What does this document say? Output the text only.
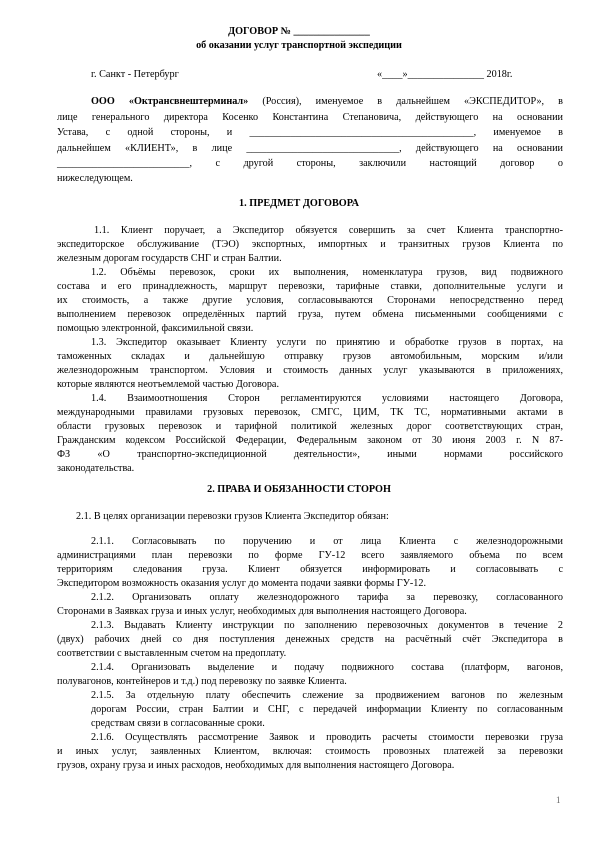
ДОГОВОР № _______________
об оказании услуг транспортной экспедиции
г. Санкт - Петербург	«____»_______________ 2018г.
ООО «Октрансвнештерминал» (Россия), именуемое в дальнейшем «ЭКСПЕДИТОР», в
лице генерального директора Косенко Константина Степановича, действующего на основании
Устава, с одной стороны, и ____________________________________________, именуемое в
дальнейшем «КЛИЕНТ», в лице ______________________________, действующего на основании
__________________________, с другой стороны, заключили настоящий договор о
нижеследующем.
1. ПРЕДМЕТ ДОГОВОРА
1.1. Клиент поручает, а Экспедитор обязуется совершить за счет Клиента транспортно-
экспедиторское обслуживание (ТЭО) экспортных, импортных и транзитных грузов Клиента по
железным дорогам государств СНГ и стран Балтии.
1.2. Объёмы перевозок, сроки их выполнения, номенклатура грузов, вид подвижного
состава и его принадлежность, маршрут перевозки, тарифные ставки, дополнительные услуги и
их стоимость, а также другие условия, согласовываются Сторонами непосредственно перед
выполнением перевозок определённых партий груза, путем обмена письменными сообщениями с
помощью электронной, факсимильной связи.
1.3. Экспедитор оказывает Клиенту услуги по принятию и обработке грузов в портах, на
таможенных складах и дальнейшую отправку грузов автомобильным, морским и/или
железнодорожным транспортом. Условия и стоимость данных услуг указываются в приложениях,
которые являются неотъемлемой частью Договора.
1.4. Взаимоотношения Сторон регламентируются условиями настоящего Договора,
международными правилами грузовых перевозок, СМГС, ЦИМ, ТК ТС, нормативными актами в
области грузовых перевозок и тарифной политикой железных дорог соответствующих стран,
Гражданским кодексом Российской Федерации, Федеральным законом от 30 июня 2003 г. N 87-
ФЗ «О транспортно-экспедиционной деятельности», иными нормами российского
законодательства.
2. ПРАВА И ОБЯЗАННОСТИ СТОРОН
2.1. В целях организации перевозки грузов Клиента Экспедитор обязан:
2.1.1. Согласовывать по поручению и от лица Клиента с железнодорожными
администрациями план перевозки по форме ГУ-12 всего заявляемого объема по всем
территориям следования груза. Клиент обязуется информировать и согласовывать с
Экспедитором возможность оказания услуг до момента подачи заявки формы ГУ-12.
2.1.2. Организовать оплату железнодорожного тарифа за перевозку, согласованного
Сторонами в Заявках груза и иных услуг, необходимых для выполнения настоящего Договора.
2.1.3. Выдавать Клиенту инструкции по заполнению перевозочных документов в течение 2
(двух) рабочих дней со дня поступления денежных средств на расчётный счёт Экспедитора в
соответствии с выставленным счетом на предоплату.
2.1.4. Организовать выделение и подачу подвижного состава (платформ, вагонов,
полувагонов, контейнеров и т.д.) под перевозку по заявке Клиента.
2.1.5. За отдельную плату обеспечить слежение за продвижением вагонов по железным
дорогам России, стран Балтии и СНГ, с передачей информации Клиенту по согласованным
средствам связи в согласованные сроки.
2.1.6. Осуществлять рассмотрение Заявок и проводить расчеты стоимости перевозки груза
и иных услуг, заявленных Клиентом, включая: стоимость провозных платежей за перевозки
грузов, охрану груза и иных расходов, необходимых для выполнения настоящего Договора.
1
